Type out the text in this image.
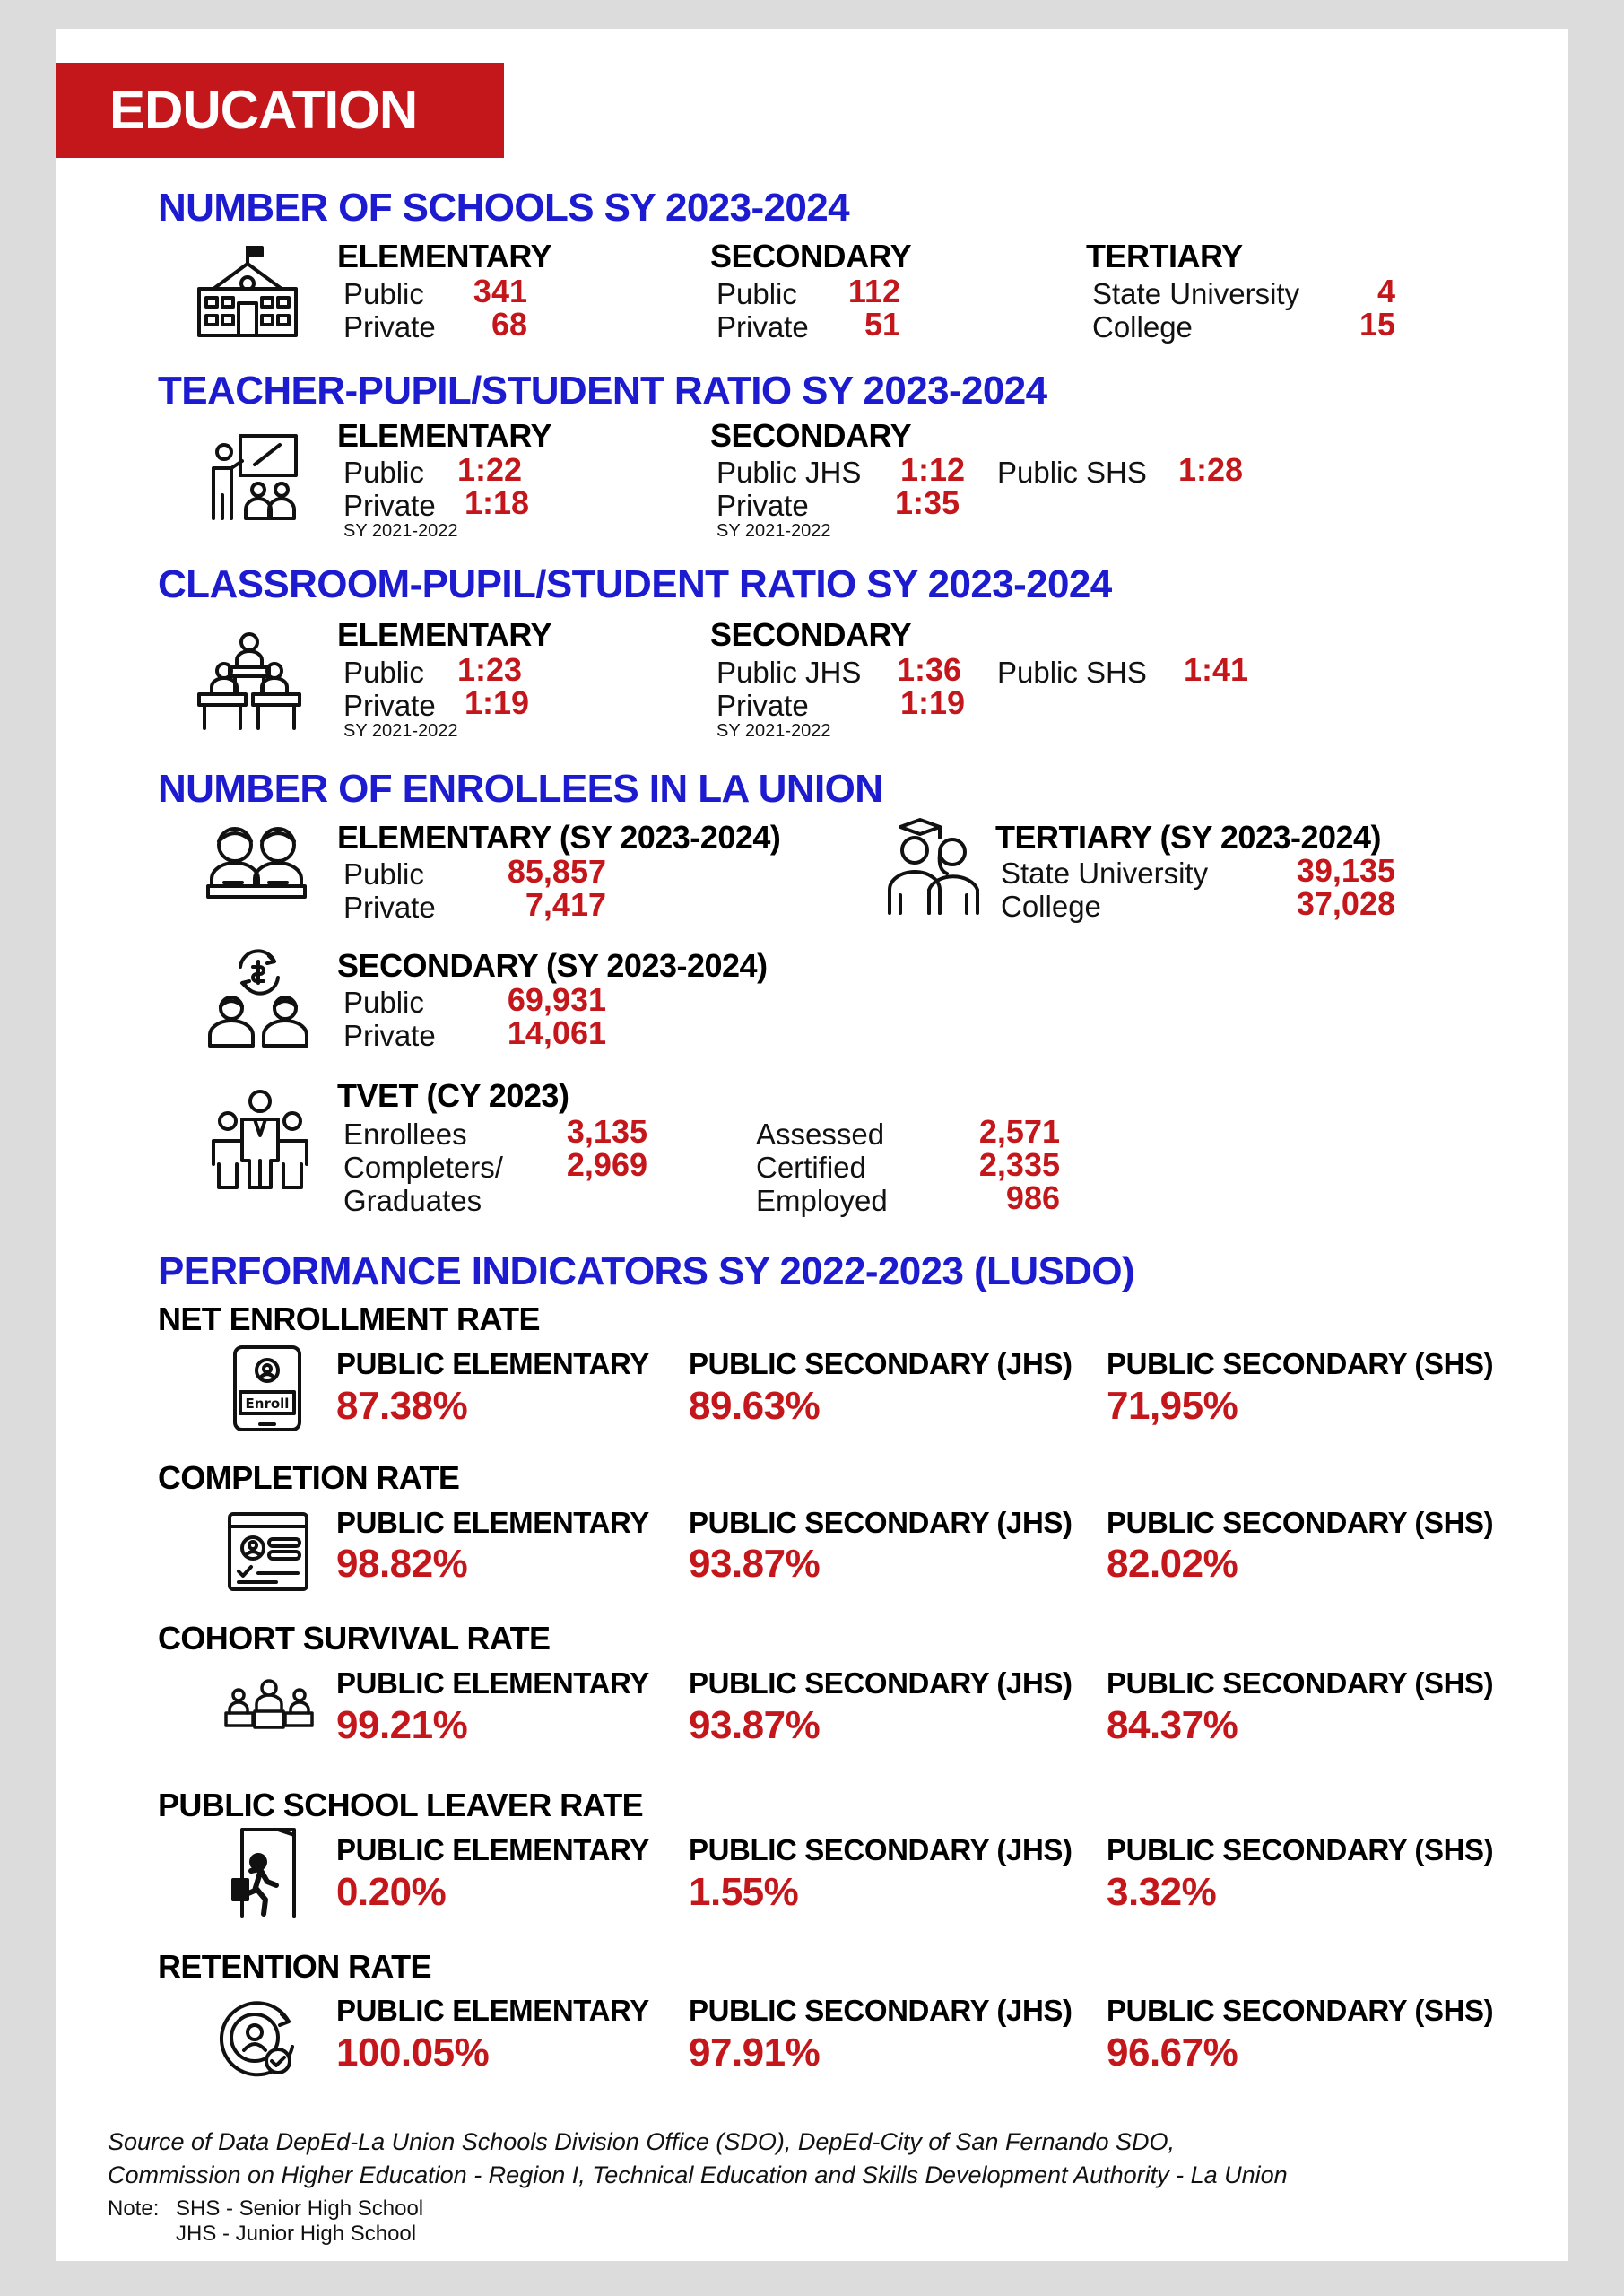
EDUCATION
NUMBER OF SCHOOLS SY 2023-2024
ELEMENTARY
Public	341
Private	68
SECONDARY
Public	112
Private	51
TERTIARY
State University	4
College	15
TEACHER-PUPIL/STUDENT RATIO SY 2023-2024
ELEMENTARY
Public 1:22
Private 1:18
SY 2021-2022
SECONDARY
Public JHS 1:12 Public SHS 1:28
Private	1:35
SY 2021-2022
CLASSROOM-PUPIL/STUDENT RATIO SY 2023-2024
ELEMENTARY
Public 1:23
Private 1:19
SY 2021-2022
SECONDARY
Public JHS 1:36 Public SHS 1:41
Private	1:19
SY 2021-2022
NUMBER OF ENROLLEES IN LA UNION
ELEMENTARY (SY 2023-2024)
Public	85,857
Private	7,417
TERTIARY (SY 2023-2024)
State University	39,135
College	37,028
SECONDARY (SY 2023-2024)
Public	69,931
Private	14,061
TVET (CY 2023)
Enrollees	3,135
Completers/	2,969
Graduates
Assessed	2,571
Certified	2,335
Employed	986
PERFORMANCE INDICATORS SY 2022-2023 (LUSDO)
NET ENROLLMENT RATE
Enroll
PUBLIC ELEMENTARY
87.38%
PUBLIC SECONDARY (JHS)
89.63%
PUBLIC SECONDARY (SHS)
71,95%
COMPLETION RATE
PUBLIC ELEMENTARY
98.82%
PUBLIC SECONDARY (JHS)
93.87%
PUBLIC SECONDARY (SHS)
82.02%
COHORT SURVIVAL RATE
PUBLIC ELEMENTARY
99.21%
PUBLIC SECONDARY (JHS)
93.87%
PUBLIC SECONDARY (SHS)
84.37%
PUBLIC SCHOOL LEAVER RATE
PUBLIC ELEMENTARY
0.20%
PUBLIC SECONDARY (JHS)
1.55%
PUBLIC SECONDARY (SHS)
3.32%
RETENTION RATE
PUBLIC ELEMENTARY
100.05%
PUBLIC SECONDARY (JHS)
97.91%
PUBLIC SECONDARY (SHS)
96.67%
Source of Data DepEd-La Union Schools Division Office (SDO), DepEd-City of San Fernando SDO,
Commission on Higher Education - Region I, Technical Education and Skills Development Authority - La Union
Note: SHS - Senior High School
JHS - Junior High School
